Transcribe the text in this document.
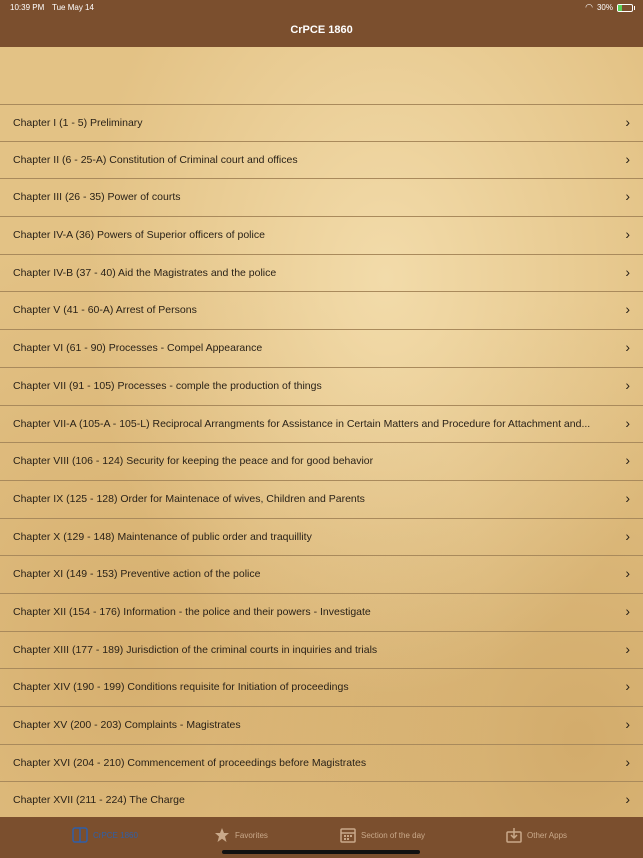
10:39 PM Tue May 14	◠ 30%
CrPCE 1860
Chapter I (1 - 5) Preliminary	›
Chapter II (6 - 25-A) Constitution of Criminal court and offices	›
Chapter III (26 - 35) Power of courts	›
Chapter IV-A (36) Powers of Superior officers of police	›
Chapter IV-B (37 - 40) Aid the Magistrates and the police	›
Chapter V (41 - 60-A) Arrest of Persons	›
Chapter VI (61 - 90) Processes - Compel Appearance	›
Chapter VII (91 - 105) Processes - comple the production of things	›
Chapter VII-A (105-A - 105-L) Reciprocal Arrangments for Assistance in Certain Matters and Procedure for Attachment and...	›
Chapter VIII (106 - 124) Security for keeping the peace and for good behavior	›
Chapter IX (125 - 128) Order for Maintenace of wives, Children and Parents	›
Chapter X (129 - 148) Maintenance of public order and traquillity	›
Chapter XI (149 - 153) Preventive action of the police	›
Chapter XII (154 - 176) Information - the police and their powers - Investigate	›
Chapter XIII (177 - 189) Jurisdiction of the criminal courts in inquiries and trials	›
Chapter XIV (190 - 199) Conditions requisite for Initiation of proceedings	›
Chapter XV (200 - 203) Complaints - Magistrates	›
Chapter XVI (204 - 210) Commencement of proceedings before Magistrates	›
Chapter XVII (211 - 224) The Charge	›
CrPCE 1860	Favorites	Section of the day	Other Apps
